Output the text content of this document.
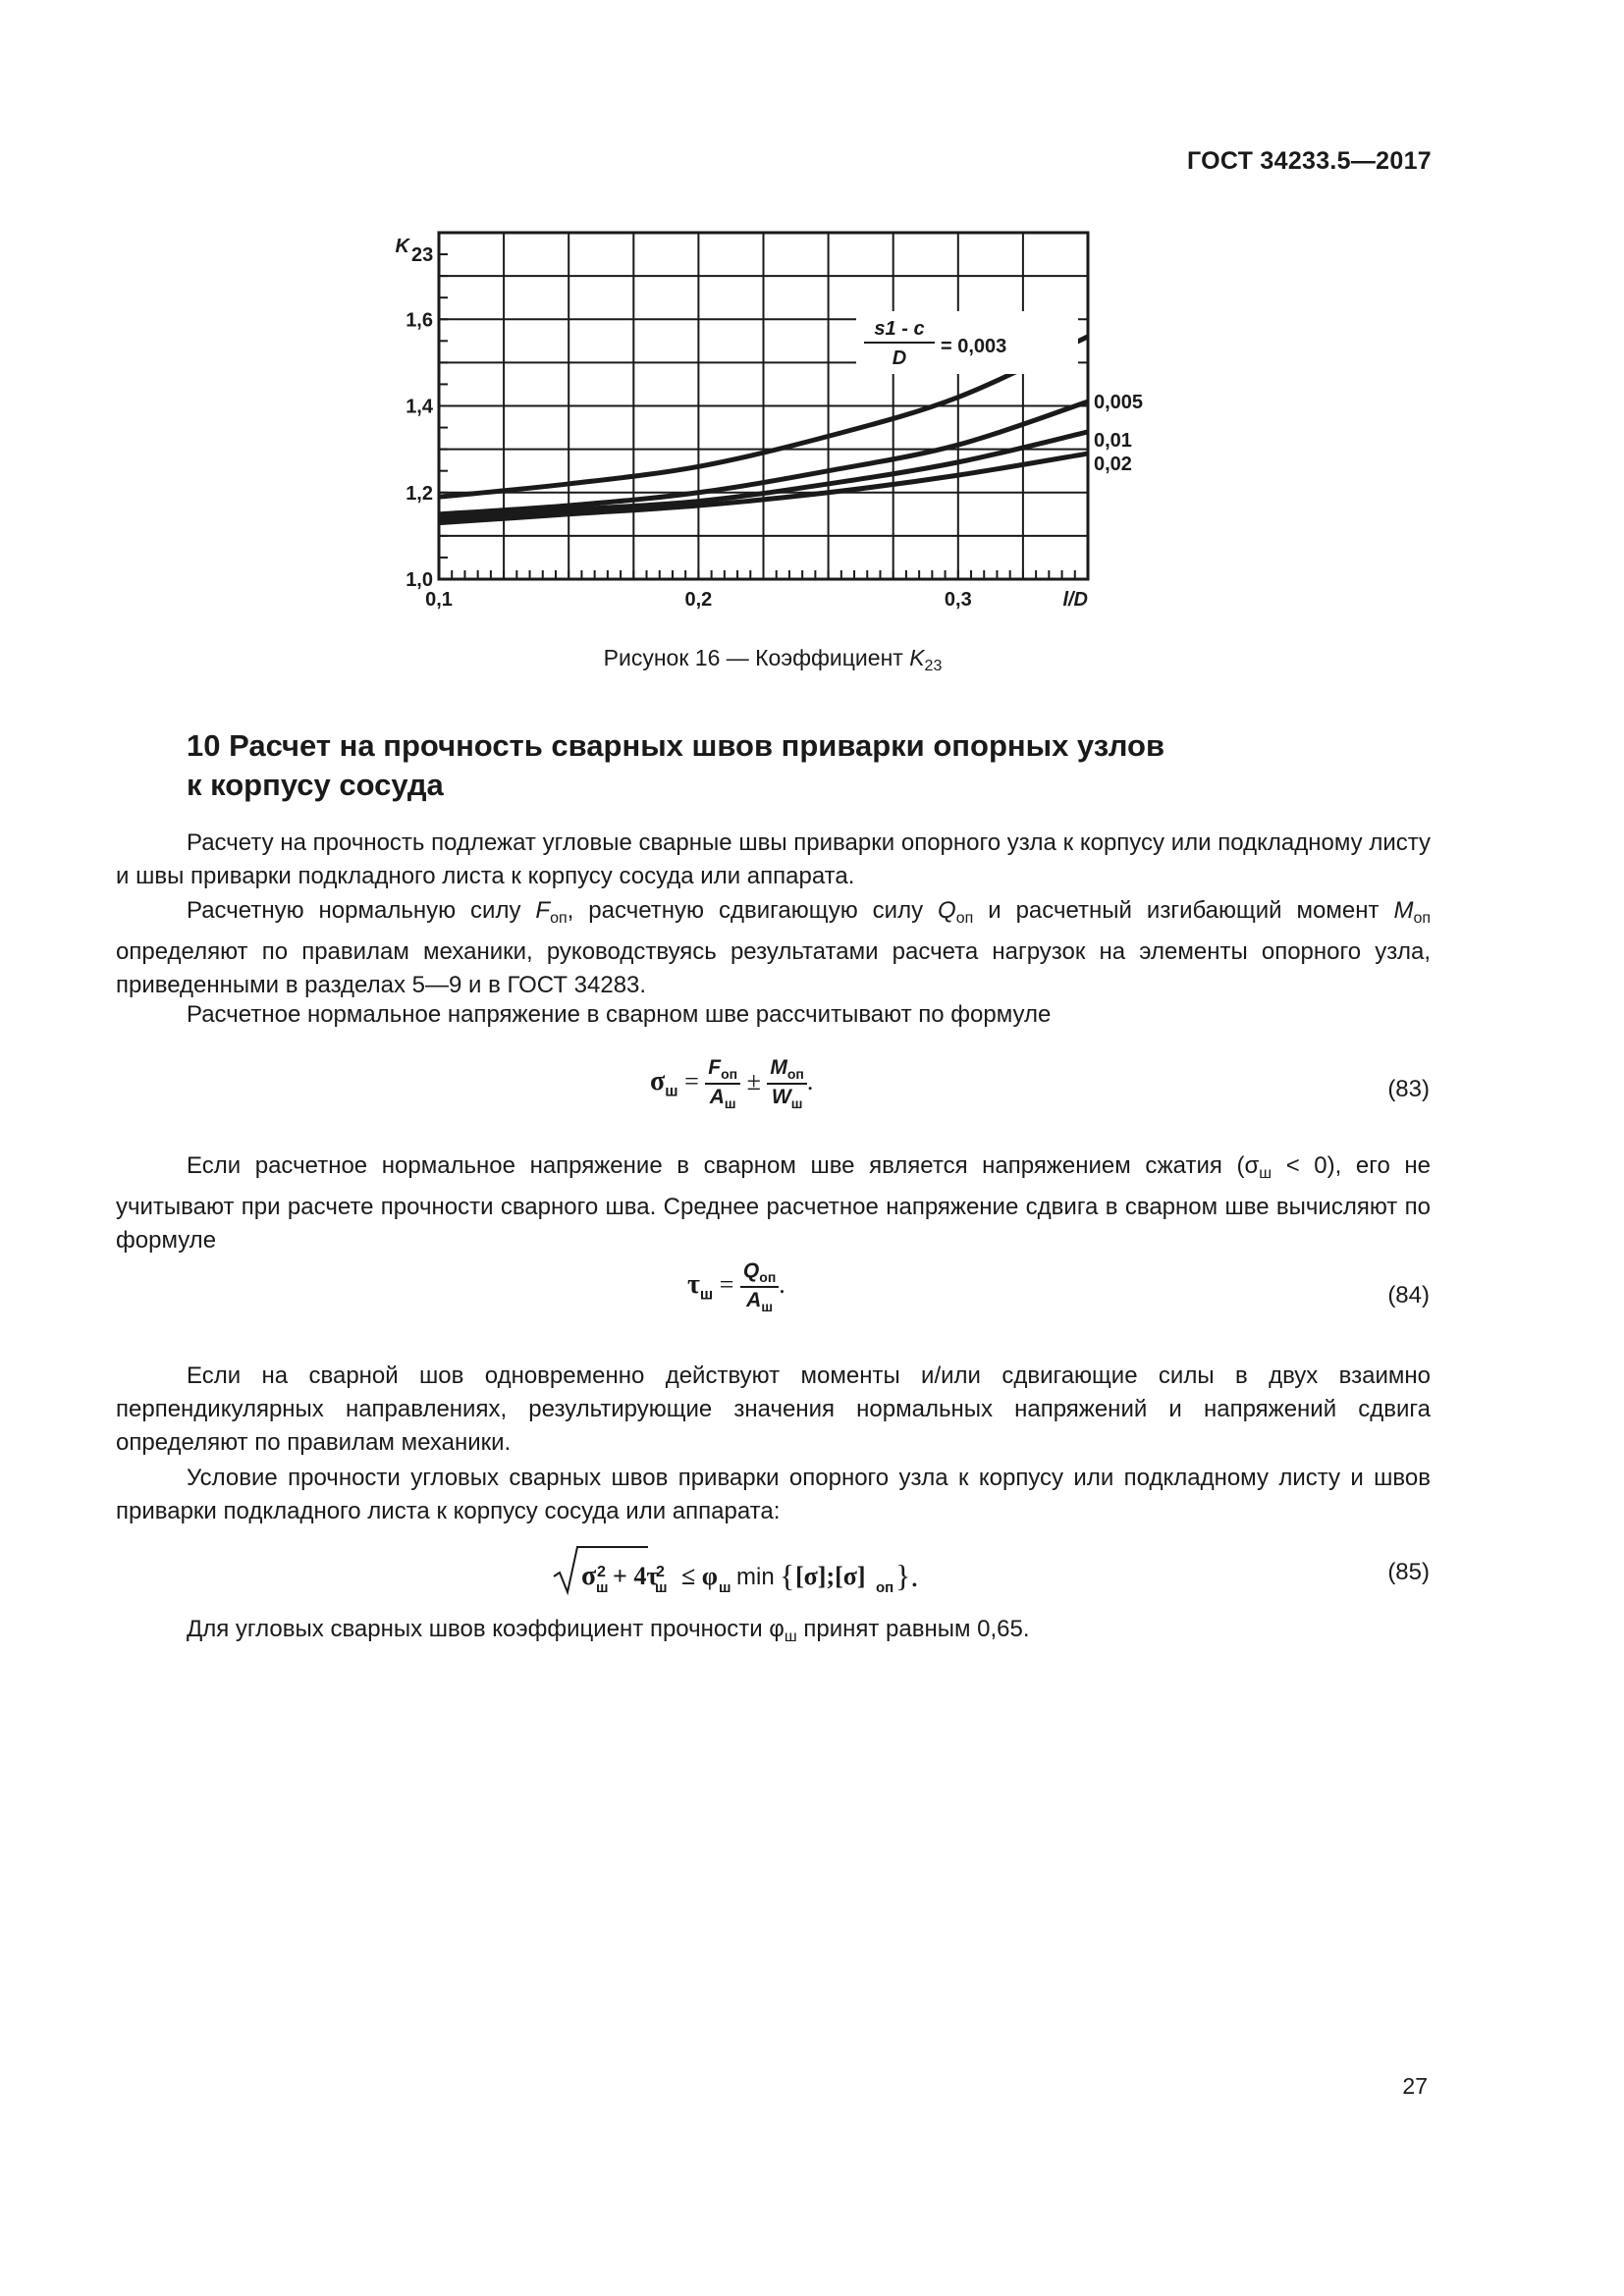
ГОСТ 34233.5—2017
0,1	0,2	0,3
1,0
1,2
1,4
1,6
K 23
l/D
0,005
0,01
0,02
s1 - c
D
= 0,003
Рисунок 16 — Коэффициент $K_{23}$
10 Расчет на прочность сварных швов приварки опорных узлов
к корпусу сосуда
Расчету на прочность подлежат угловые сварные швы приварки опорного узла к корпусу или подкладному листу и швы приварки подкладного листа к корпусу сосуда или аппарата.
Расчетную нормальную силу $F_{оп}$, расчетную сдвигающую силу $Q_{оп}$ и расчетный изгибающий момент $M_{оп}$ определяют по правилам механики, руководствуясь результатами расчета нагрузок на элементы опорного узла, приведенными в разделах 5—9 и в ГОСТ 34283.
Расчетное нормальное напряжение в сварном шве рассчитывают по формуле
$\sigma_ш = \frac{F_{оп}}{A_ш} \pm \frac{M_{оп}}{W_ш}$ .	(83)
Если расчетное нормальное напряжение в сварном шве является напряжением сжатия $(\sigma_ш < 0)$, его не учитывают при расчете прочности сварного шва. Среднее расчетное напряжение сдвига в сварном шве вычисляют по формуле
$\tau_ш = \frac{Q_{оп}}{A_ш}$ .	(84)
Если на сварной шов одновременно действуют моменты и/или сдвигающие силы в двух взаимно перпендикулярных направлениях, результирующие значения нормальных напряжений и напряжений сдвига определяют по правилам механики.
Условие прочности угловых сварных швов приварки опорного узла к корпусу или подкладному листу и швов приварки подкладного листа к корпусу сосуда или аппарата:
σ 2
ш + 4τ
2
ш ≤ φ ш min { [σ];[σ] оп }.	(85)
Для угловых сварных швов коэффициент прочности $\varphi_ш$ принят равным 0,65.
27
